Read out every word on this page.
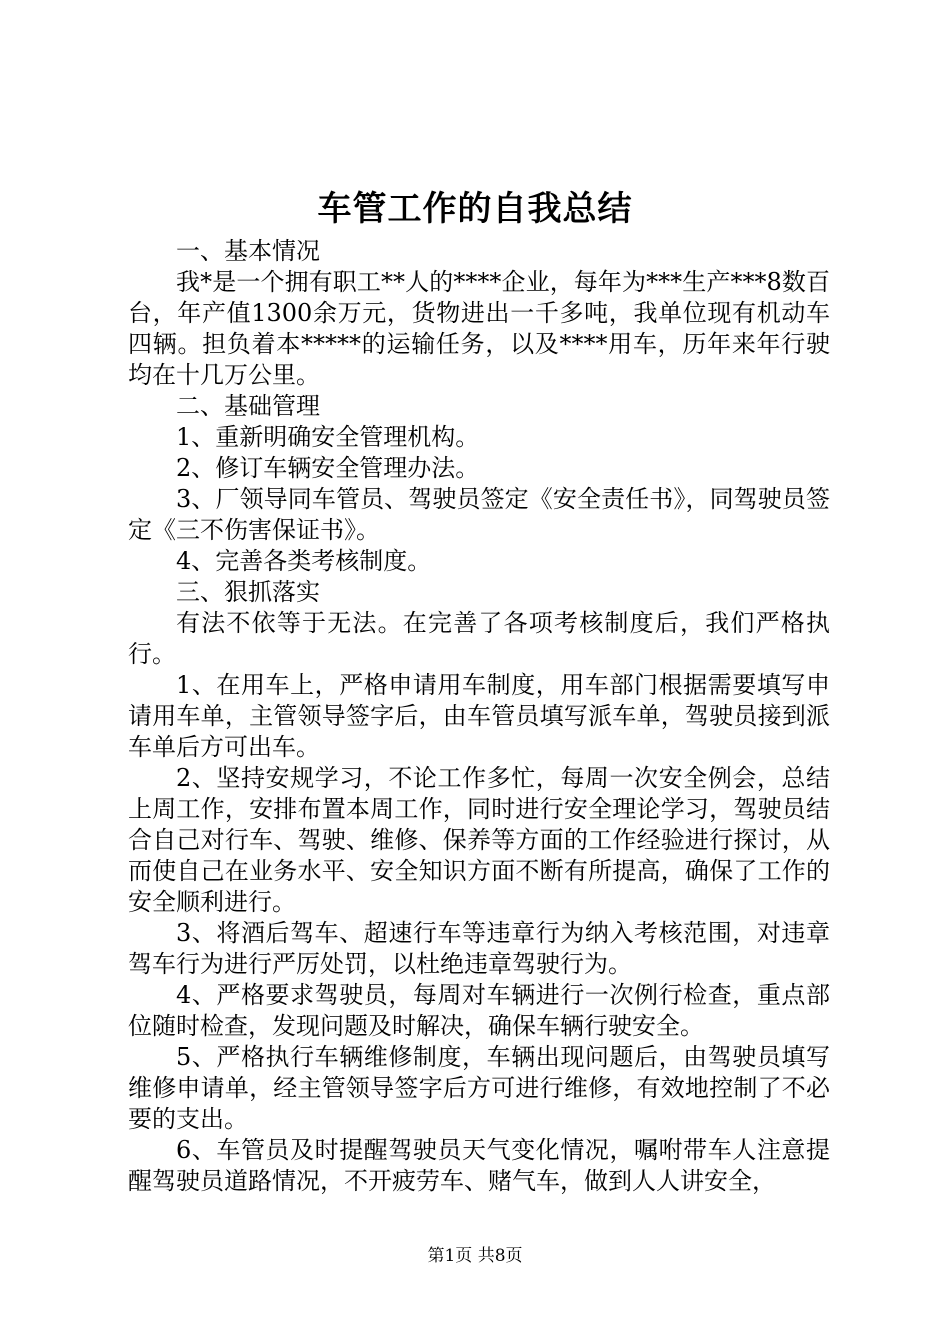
车管工作的自我总结

一、基本情况

我*是一个拥有职工**人的****企业，每年为***生产***8数百台，年产值1300余万元，货物进出一千多吨，我单位现有机动车四辆。担负着本*****的运输任务，以及****用车，历年来年行驶均在十几万公里。

二、基础管理

1、重新明确安全管理机构。

2、修订车辆安全管理办法。

3、厂领导同车管员、驾驶员签定《安全责任书》，同驾驶员签定《三不伤害保证书》。

4、完善各类考核制度。

三、狠抓落实

有法不依等于无法。在完善了各项考核制度后，我们严格执行。

1、在用车上，严格申请用车制度，用车部门根据需要填写申请用车单，主管领导签字后，由车管员填写派车单，驾驶员接到派车单后方可出车。

2、坚持安规学习，不论工作多忙，每周一次安全例会，总结上周工作，安排布置本周工作，同时进行安全理论学习，驾驶员结合自己对行车、驾驶、维修、保养等方面的工作经验进行探讨，从而使自己在业务水平、安全知识方面不断有所提高，确保了工作的安全顺利进行。

3、将酒后驾车、超速行车等违章行为纳入考核范围，对违章驾车行为进行严厉处罚，以杜绝违章驾驶行为。

4、严格要求驾驶员，每周对车辆进行一次例行检查，重点部位随时检查，发现问题及时解决，确保车辆行驶安全。

5、严格执行车辆维修制度，车辆出现问题后，由驾驶员填写维修申请单，经主管领导签字后方可进行维修，有效地控制了不必要的支出。

6、车管员及时提醒驾驶员天气变化情况，嘱咐带车人注意提醒驾驶员道路情况，不开疲劳车、赌气车，做到人人讲安全，

第1页 共8页
